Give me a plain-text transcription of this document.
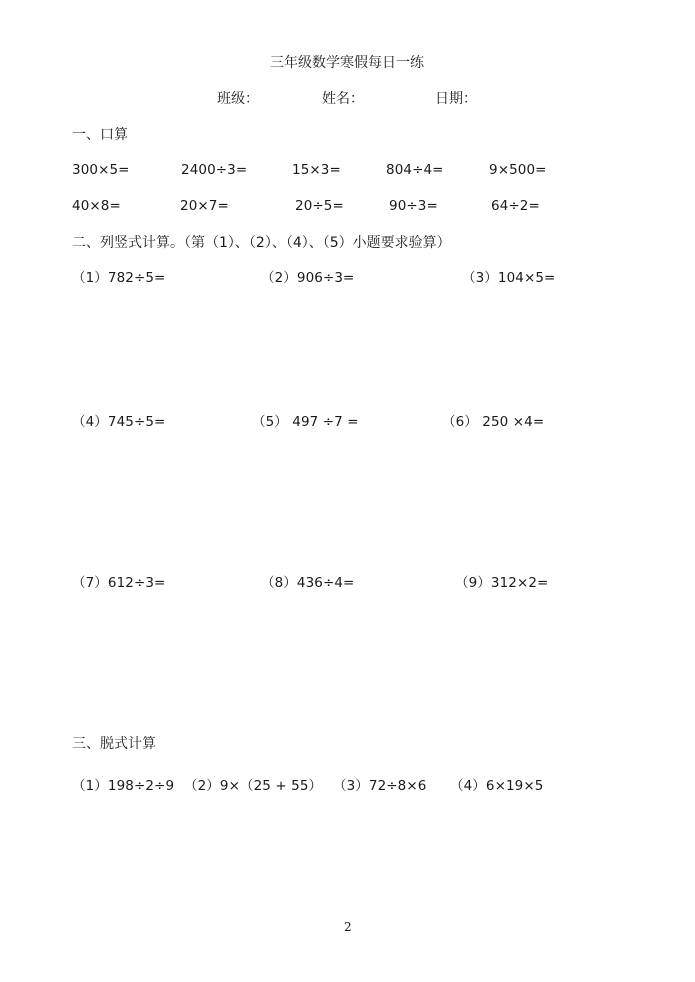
三年级数学寒假每日一练
班级：	姓名：	日期：
一、口算
300×5=	2400÷3=	15×3=	804÷4=	9×500=
40×8=	20×7=	20÷5=	90÷3=	64÷2=
二、列竖式计算。（第（1）、（2）、（4）、（5）小题要求验算）
（1）782÷5=	（2）906÷3=	（3）104×5=
（4）745÷5=	（5） 497 ÷7 =	（6） 250 ×4=
（7）612÷3=	（8）436÷4=	（9）312×2=
三、脱式计算
（1）198÷2÷9 （2）9×（25 + 55） （3）72÷8×6 （4）6×19×5
2
